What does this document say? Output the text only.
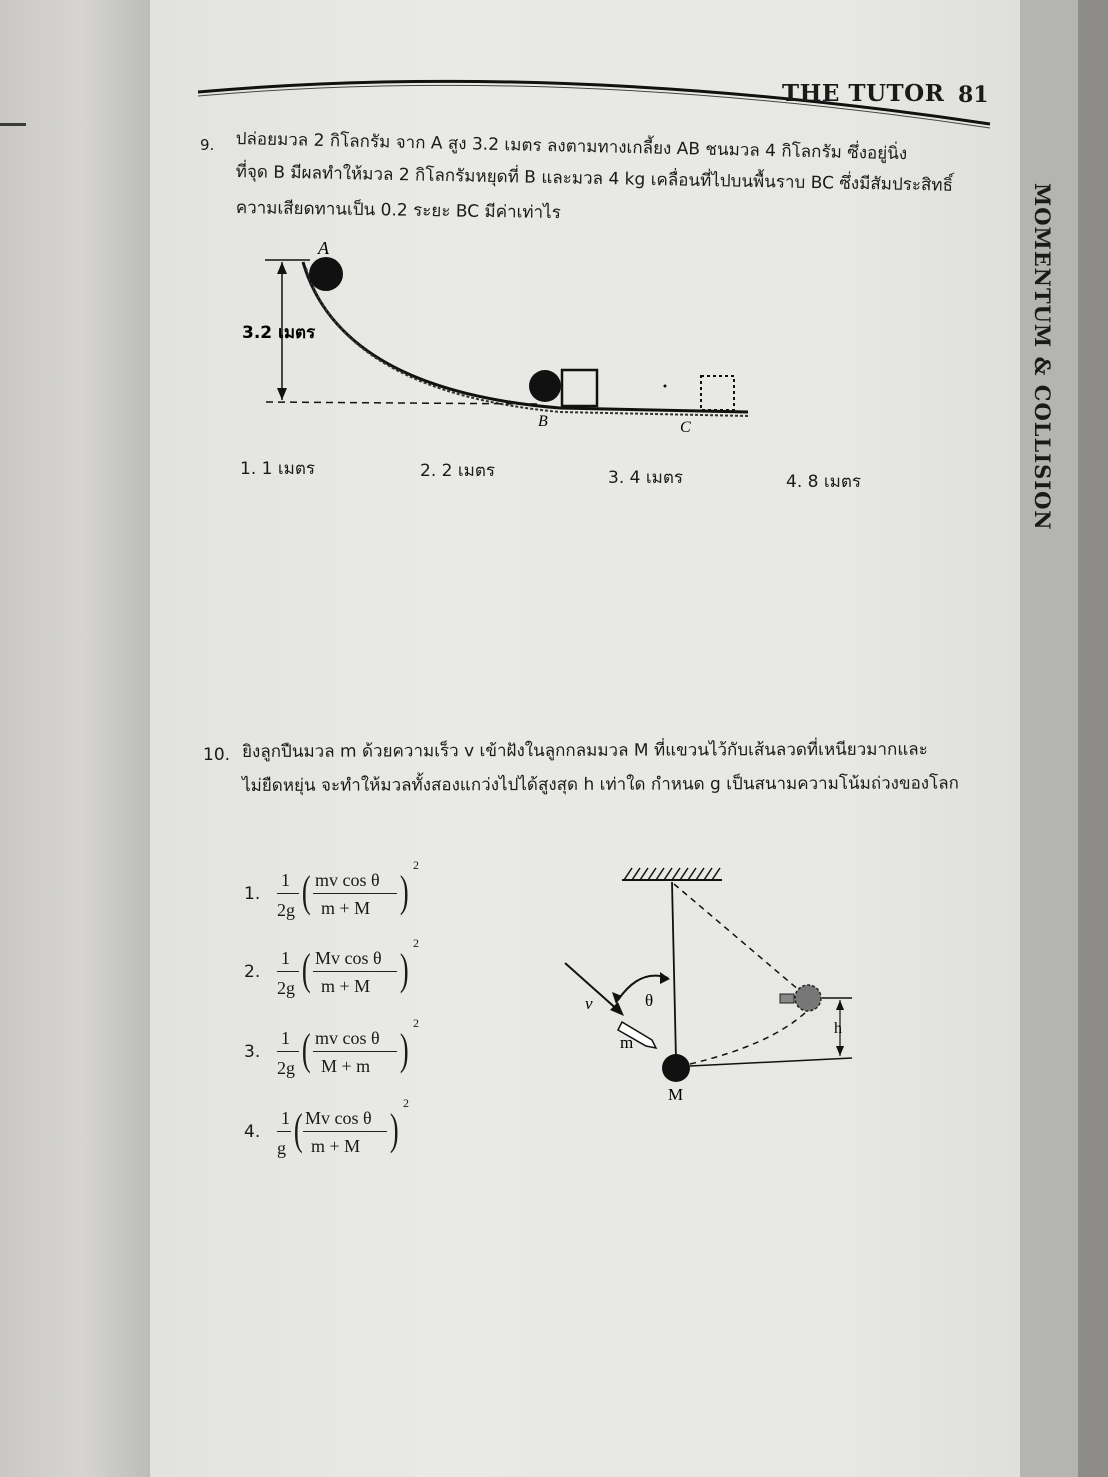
THE TUTOR 81
MOMENTUM & COLLISION
9. ปล่อยมวล 2 กิโลกรัม จาก A สูง 3.2 เมตร ลงตามทางเกลี้ยง AB ชนมวล 4 กิโลกรัม ซึ่งอยู่นิ่ง
ที่จุด B มีผลทำให้มวล 2 กิโลกรัมหยุดที่ B และมวล 4 kg เคลื่อนที่ไปบนพื้นราบ BC ซึ่งมีสัมประสิทธิ์
ความเสียดทานเป็น 0.2 ระยะ BC มีค่าเท่าไร
A
B	C
3.2 เมตร
1. 1 เมตร	2. 2 เมตร	3. 4 เมตร	4. 8 เมตร
10. ยิงลูกปืนมวล m ด้วยความเร็ว v เข้าฝังในลูกกลมมวล M ที่แขวนไว้กับเส้นลวดที่เหนียวมากและ
ไม่ยืดหยุ่น จะทำให้มวลทั้งสองแกว่งไปได้สูงสุด h เท่าใด กำหนด g เป็นสนามความโน้มถ่วงของโลก
1.
1
2g ( mv cos θ
m + M )
2
2.
1
2g ( Mv cos θ
m + M )
2
3.
1
2g ( mv cos θ
M + m )
2
4.
1
g ( Mv cos θ
m + M )
2
v	θ
m
M
h
